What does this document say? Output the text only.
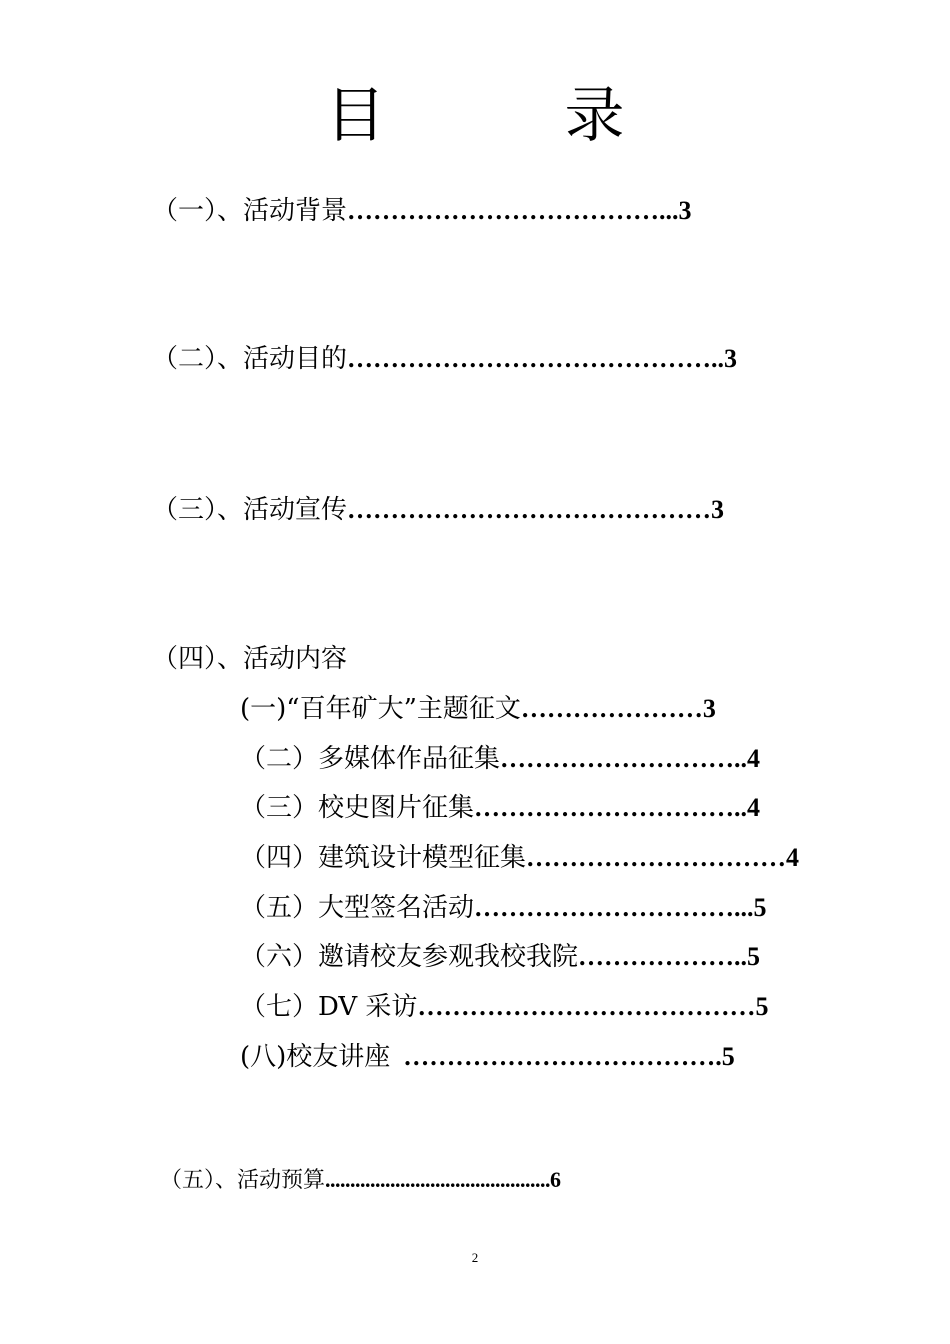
目 录
（一）、活动背景………………………………...3
（二）、活动目的……………………………………..3
（三）、活动宣传……………………………………3
（四）、活动内容
(一)“百年矿大”主题征文…………………3
（二）多媒体作品征集………………………..4
（三）校史图片征集…………………………..4
（四）建筑设计模型征集…………………………4
（五）大型签名活动…………………………...5
（六）邀请校友参观我校我院………………..5
（七）DV 采访…………………………………5
(八)校友讲座  ……………………………….5
（五）、活动预算.............................................6
2
